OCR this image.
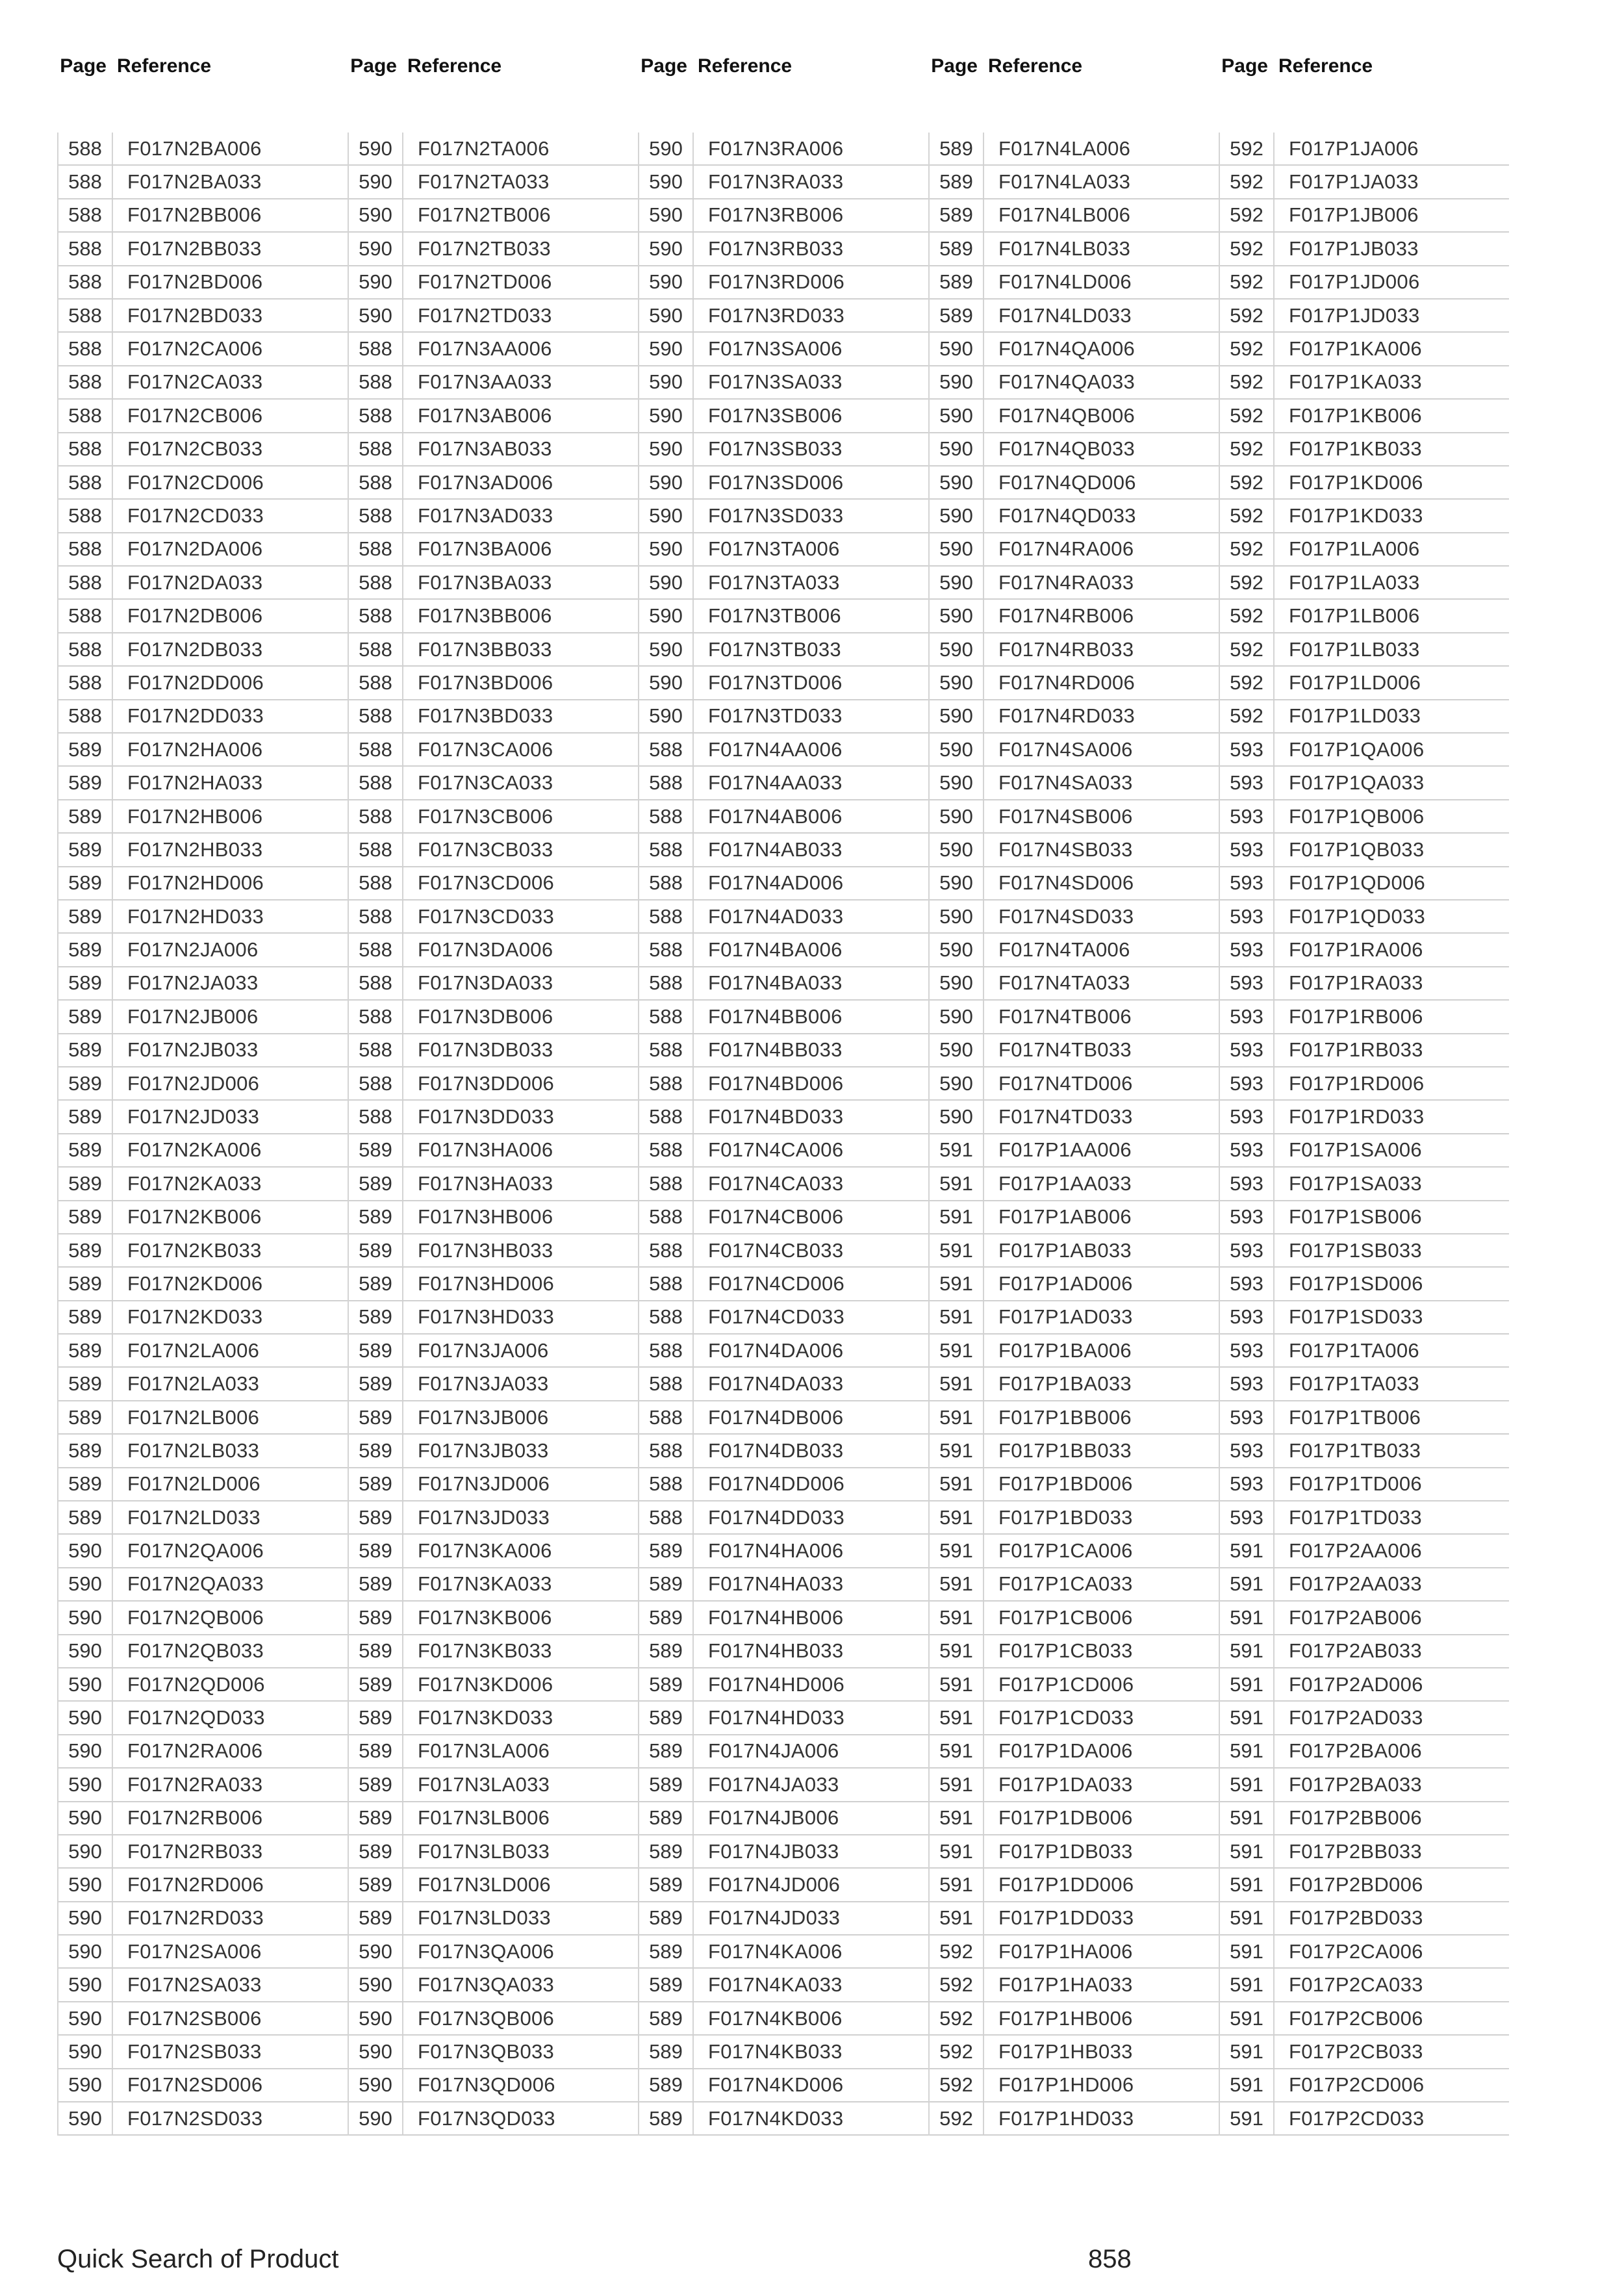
Page Reference
588	F017N2BA006
588	F017N2BA033
588	F017N2BB006
588	F017N2BB033
588	F017N2BD006
588	F017N2BD033
588	F017N2CA006
588	F017N2CA033
588	F017N2CB006
588	F017N2CB033
588	F017N2CD006
588	F017N2CD033
588	F017N2DA006
588	F017N2DA033
588	F017N2DB006
588	F017N2DB033
588	F017N2DD006
588	F017N2DD033
589	F017N2HA006
589	F017N2HA033
589	F017N2HB006
589	F017N2HB033
589	F017N2HD006
589	F017N2HD033
589	F017N2JA006
589	F017N2JA033
589	F017N2JB006
589	F017N2JB033
589	F017N2JD006
589	F017N2JD033
589	F017N2KA006
589	F017N2KA033
589	F017N2KB006
589	F017N2KB033
589	F017N2KD006
589	F017N2KD033
589	F017N2LA006
589	F017N2LA033
589	F017N2LB006
589	F017N2LB033
589	F017N2LD006
589	F017N2LD033
590	F017N2QA006
590	F017N2QA033
590	F017N2QB006
590	F017N2QB033
590	F017N2QD006
590	F017N2QD033
590	F017N2RA006
590	F017N2RA033
590	F017N2RB006
590	F017N2RB033
590	F017N2RD006
590	F017N2RD033
590	F017N2SA006
590	F017N2SA033
590	F017N2SB006
590	F017N2SB033
590	F017N2SD006
590	F017N2SD033
Page Reference
590	F017N2TA006
590	F017N2TA033
590	F017N2TB006
590	F017N2TB033
590	F017N2TD006
590	F017N2TD033
588	F017N3AA006
588	F017N3AA033
588	F017N3AB006
588	F017N3AB033
588	F017N3AD006
588	F017N3AD033
588	F017N3BA006
588	F017N3BA033
588	F017N3BB006
588	F017N3BB033
588	F017N3BD006
588	F017N3BD033
588	F017N3CA006
588	F017N3CA033
588	F017N3CB006
588	F017N3CB033
588	F017N3CD006
588	F017N3CD033
588	F017N3DA006
588	F017N3DA033
588	F017N3DB006
588	F017N3DB033
588	F017N3DD006
588	F017N3DD033
589	F017N3HA006
589	F017N3HA033
589	F017N3HB006
589	F017N3HB033
589	F017N3HD006
589	F017N3HD033
589	F017N3JA006
589	F017N3JA033
589	F017N3JB006
589	F017N3JB033
589	F017N3JD006
589	F017N3JD033
589	F017N3KA006
589	F017N3KA033
589	F017N3KB006
589	F017N3KB033
589	F017N3KD006
589	F017N3KD033
589	F017N3LA006
589	F017N3LA033
589	F017N3LB006
589	F017N3LB033
589	F017N3LD006
589	F017N3LD033
590	F017N3QA006
590	F017N3QA033
590	F017N3QB006
590	F017N3QB033
590	F017N3QD006
590	F017N3QD033
Page Reference
590	F017N3RA006
590	F017N3RA033
590	F017N3RB006
590	F017N3RB033
590	F017N3RD006
590	F017N3RD033
590	F017N3SA006
590	F017N3SA033
590	F017N3SB006
590	F017N3SB033
590	F017N3SD006
590	F017N3SD033
590	F017N3TA006
590	F017N3TA033
590	F017N3TB006
590	F017N3TB033
590	F017N3TD006
590	F017N3TD033
588	F017N4AA006
588	F017N4AA033
588	F017N4AB006
588	F017N4AB033
588	F017N4AD006
588	F017N4AD033
588	F017N4BA006
588	F017N4BA033
588	F017N4BB006
588	F017N4BB033
588	F017N4BD006
588	F017N4BD033
588	F017N4CA006
588	F017N4CA033
588	F017N4CB006
588	F017N4CB033
588	F017N4CD006
588	F017N4CD033
588	F017N4DA006
588	F017N4DA033
588	F017N4DB006
588	F017N4DB033
588	F017N4DD006
588	F017N4DD033
589	F017N4HA006
589	F017N4HA033
589	F017N4HB006
589	F017N4HB033
589	F017N4HD006
589	F017N4HD033
589	F017N4JA006
589	F017N4JA033
589	F017N4JB006
589	F017N4JB033
589	F017N4JD006
589	F017N4JD033
589	F017N4KA006
589	F017N4KA033
589	F017N4KB006
589	F017N4KB033
589	F017N4KD006
589	F017N4KD033
Page Reference
589	F017N4LA006
589	F017N4LA033
589	F017N4LB006
589	F017N4LB033
589	F017N4LD006
589	F017N4LD033
590	F017N4QA006
590	F017N4QA033
590	F017N4QB006
590	F017N4QB033
590	F017N4QD006
590	F017N4QD033
590	F017N4RA006
590	F017N4RA033
590	F017N4RB006
590	F017N4RB033
590	F017N4RD006
590	F017N4RD033
590	F017N4SA006
590	F017N4SA033
590	F017N4SB006
590	F017N4SB033
590	F017N4SD006
590	F017N4SD033
590	F017N4TA006
590	F017N4TA033
590	F017N4TB006
590	F017N4TB033
590	F017N4TD006
590	F017N4TD033
591	F017P1AA006
591	F017P1AA033
591	F017P1AB006
591	F017P1AB033
591	F017P1AD006
591	F017P1AD033
591	F017P1BA006
591	F017P1BA033
591	F017P1BB006
591	F017P1BB033
591	F017P1BD006
591	F017P1BD033
591	F017P1CA006
591	F017P1CA033
591	F017P1CB006
591	F017P1CB033
591	F017P1CD006
591	F017P1CD033
591	F017P1DA006
591	F017P1DA033
591	F017P1DB006
591	F017P1DB033
591	F017P1DD006
591	F017P1DD033
592	F017P1HA006
592	F017P1HA033
592	F017P1HB006
592	F017P1HB033
592	F017P1HD006
592	F017P1HD033
Page Reference
592	F017P1JA006
592	F017P1JA033
592	F017P1JB006
592	F017P1JB033
592	F017P1JD006
592	F017P1JD033
592	F017P1KA006
592	F017P1KA033
592	F017P1KB006
592	F017P1KB033
592	F017P1KD006
592	F017P1KD033
592	F017P1LA006
592	F017P1LA033
592	F017P1LB006
592	F017P1LB033
592	F017P1LD006
592	F017P1LD033
593	F017P1QA006
593	F017P1QA033
593	F017P1QB006
593	F017P1QB033
593	F017P1QD006
593	F017P1QD033
593	F017P1RA006
593	F017P1RA033
593	F017P1RB006
593	F017P1RB033
593	F017P1RD006
593	F017P1RD033
593	F017P1SA006
593	F017P1SA033
593	F017P1SB006
593	F017P1SB033
593	F017P1SD006
593	F017P1SD033
593	F017P1TA006
593	F017P1TA033
593	F017P1TB006
593	F017P1TB033
593	F017P1TD006
593	F017P1TD033
591	F017P2AA006
591	F017P2AA033
591	F017P2AB006
591	F017P2AB033
591	F017P2AD006
591	F017P2AD033
591	F017P2BA006
591	F017P2BA033
591	F017P2BB006
591	F017P2BB033
591	F017P2BD006
591	F017P2BD033
591	F017P2CA006
591	F017P2CA033
591	F017P2CB006
591	F017P2CB033
591	F017P2CD006
591	F017P2CD033
Quick Search of Product	858
